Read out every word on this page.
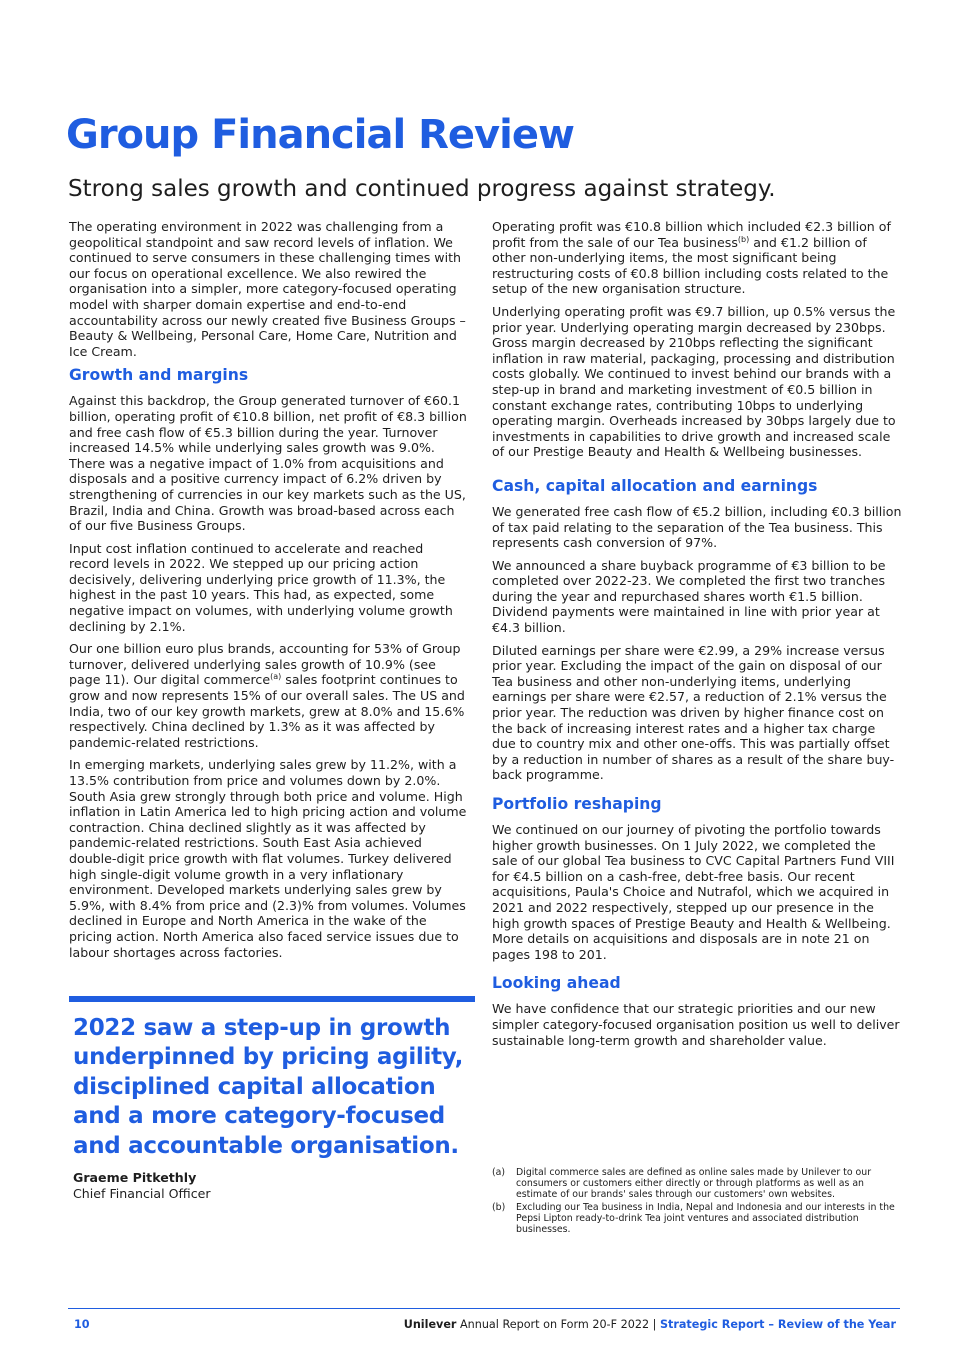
Group Financial Review
Strong sales growth and continued progress against strategy.

The operating environment in 2022 was challenging from a geopolitical standpoint and saw record levels of inflation. We continued to serve consumers in these challenging times with our focus on operational excellence. We also rewired the organisation into a simpler, more category-focused operating model with sharper domain expertise and end-to-end accountability across our newly created five Business Groups – Beauty & Wellbeing, Personal Care, Home Care, Nutrition and Ice Cream.

Growth and margins

Against this backdrop, the Group generated turnover of €60.1 billion, operating profit of €10.8 billion, net profit of €8.3 billion and free cash flow of €5.3 billion during the year. Turnover increased 14.5% while underlying sales growth was 9.0%. There was a negative impact of 1.0% from acquisitions and disposals and a positive currency impact of 6.2% driven by strengthening of currencies in our key markets such as the US, Brazil, India and China. Growth was broad-based across each of our five Business Groups.

Input cost inflation continued to accelerate and reached record levels in 2022. We stepped up our pricing action decisively, delivering underlying price growth of 11.3%, the highest in the past 10 years. This had, as expected, some negative impact on volumes, with underlying volume growth declining by 2.1%.

Our one billion euro plus brands, accounting for 53% of Group turnover, delivered underlying sales growth of 10.9% (see page 11). Our digital commerce$^{(a)}$ sales footprint continues to grow and now represents 15% of our overall sales. The US and India, two of our key growth markets, grew at 8.0% and 15.6% respectively. China declined by 1.3% as it was affected by pandemic-related restrictions.

In emerging markets, underlying sales grew by 11.2%, with a 13.5% contribution from price and volumes down by 2.0%. South Asia grew strongly through both price and volume. High inflation in Latin America led to high pricing action and volume contraction. China declined slightly as it was affected by pandemic-related restrictions. South East Asia achieved double-digit price growth with flat volumes. Turkey delivered high single-digit volume growth in a very inflationary environment. Developed markets underlying sales grew by 5.9%, with 8.4% from price and (2.3)% from volumes. Volumes declined in Europe and North America in the wake of the pricing action. North America also faced service issues due to labour shortages across factories.

2022 saw a step-up in growth underpinned by pricing agility, disciplined capital allocation and a more category-focused and accountable organisation.
Graeme Pitkethly
Chief Financial Officer

Operating profit was €10.8 billion which included €2.3 billion of profit from the sale of our Tea business$^{(b)}$ and €1.2 billion of other non-underlying items, the most significant being restructuring costs of €0.8 billion including costs related to the setup of the new organisation structure.

Underlying operating profit was €9.7 billion, up 0.5% versus the prior year. Underlying operating margin decreased by 230bps. Gross margin decreased by 210bps reflecting the significant inflation in raw material, packaging, processing and distribution costs globally. We continued to invest behind our brands with a step-up in brand and marketing investment of €0.5 billion in constant exchange rates, contributing 10bps to underlying operating margin. Overheads increased by 30bps largely due to investments in capabilities to drive growth and increased scale of our Prestige Beauty and Health & Wellbeing businesses.

Cash, capital allocation and earnings

We generated free cash flow of €5.2 billion, including €0.3 billion of tax paid relating to the separation of the Tea business. This represents cash conversion of 97%.

We announced a share buyback programme of €3 billion to be completed over 2022-23. We completed the first two tranches during the year and repurchased shares worth €1.5 billion. Dividend payments were maintained in line with prior year at €4.3 billion.

Diluted earnings per share were €2.99, a 29% increase versus prior year. Excluding the impact of the gain on disposal of our Tea business and other non-underlying items, underlying earnings per share were €2.57, a reduction of 2.1% versus the prior year. The reduction was driven by higher finance cost on the back of increasing interest rates and a higher tax charge due to country mix and other one-offs. This was partially offset by a reduction in number of shares as a result of the share buy-back programme.

Portfolio reshaping

We continued on our journey of pivoting the portfolio towards higher growth businesses. On 1 July 2022, we completed the sale of our global Tea business to CVC Capital Partners Fund VIII for €4.5 billion on a cash-free, debt-free basis. Our recent acquisitions, Paula's Choice and Nutrafol, which we acquired in 2021 and 2022 respectively, stepped up our presence in the high growth spaces of Prestige Beauty and Health & Wellbeing. More details on acquisitions and disposals are in note 21 on pages 198 to 201.

Looking ahead

We have confidence that our strategic priorities and our new simpler category-focused organisation position us well to deliver sustainable long-term growth and shareholder value.

(a)	Digital commerce sales are defined as online sales made by Unilever to our consumers or customers either directly or through platforms as well as an estimate of our brands' sales through our customers' own websites.
(b)	Excluding our Tea business in India, Nepal and Indonesia and our interests in the Pepsi Lipton ready-to-drink Tea joint ventures and associated distribution businesses.
10	Unilever Annual Report on Form 20-F 2022 | Strategic Report – Review of the Year
